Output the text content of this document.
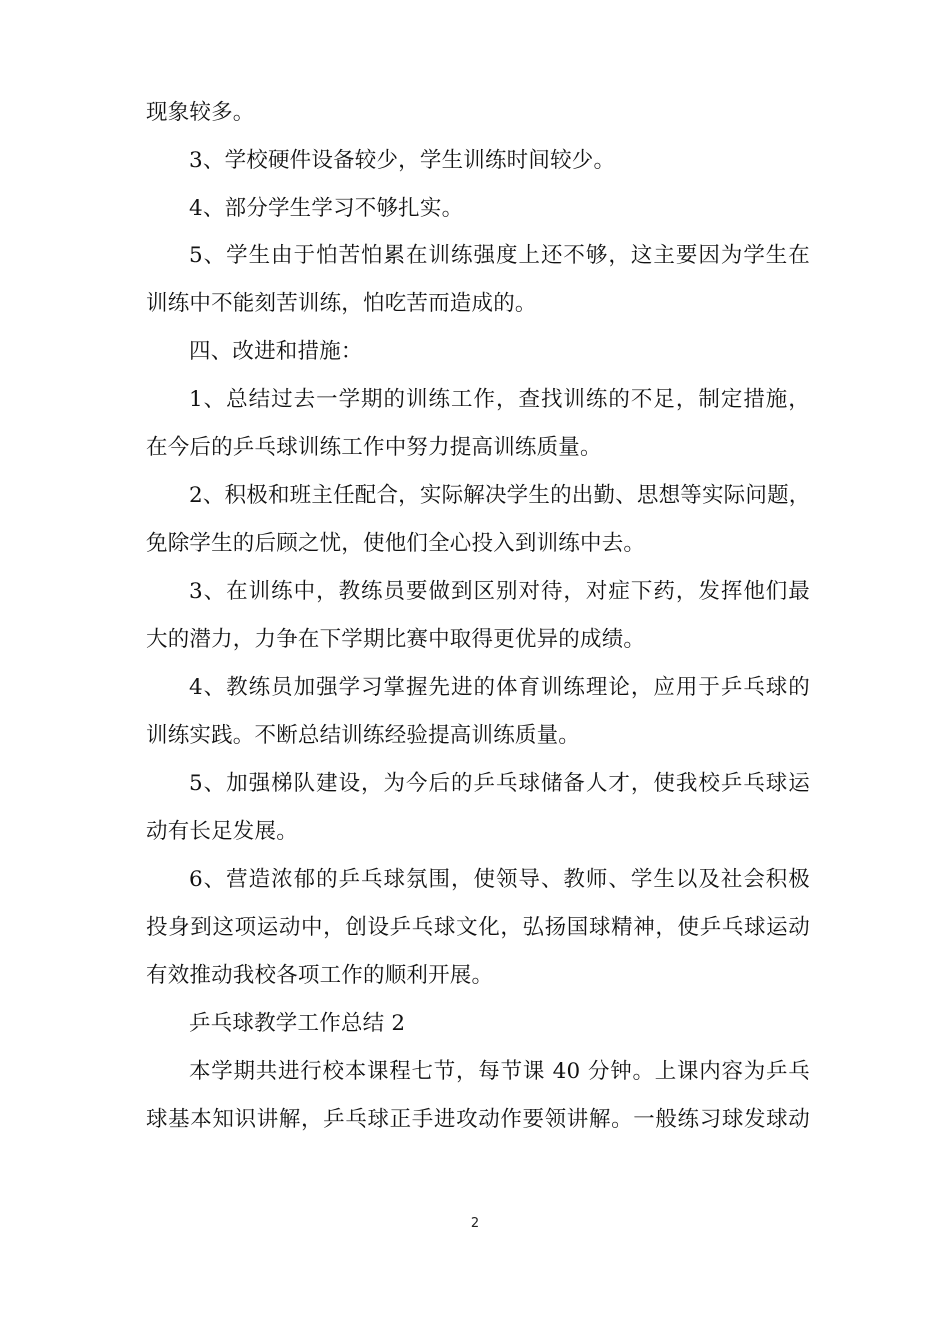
现象较多。
3、学校硬件设备较少，学生训练时间较少。
4、部分学生学习不够扎实。
5、学生由于怕苦怕累在训练强度上还不够，这主要因为学生在
训练中不能刻苦训练，怕吃苦而造成的。
四、改进和措施：
1、总结过去一学期的训练工作，查找训练的不足，制定措施，
在今后的乒乓球训练工作中努力提高训练质量。
2、积极和班主任配合，实际解决学生的出勤、思想等实际问题，
免除学生的后顾之忧，使他们全心投入到训练中去。
3、在训练中，教练员要做到区别对待，对症下药，发挥他们最
大的潜力，力争在下学期比赛中取得更优异的成绩。
4、教练员加强学习掌握先进的体育训练理论，应用于乒乓球的
训练实践。不断总结训练经验提高训练质量。
5、加强梯队建设，为今后的乒乓球储备人才，使我校乒乓球运
动有长足发展。
6、营造浓郁的乒乓球氛围，使领导、教师、学生以及社会积极
投身到这项运动中，创设乒乓球文化，弘扬国球精神，使乒乓球运动
有效推动我校各项工作的顺利开展。
乒乓球教学工作总结 2
本学期共进行校本课程七节，每节课 40 分钟。上课内容为乒乓
球基本知识讲解，乒乓球正手进攻动作要领讲解。一般练习球发球动
2
